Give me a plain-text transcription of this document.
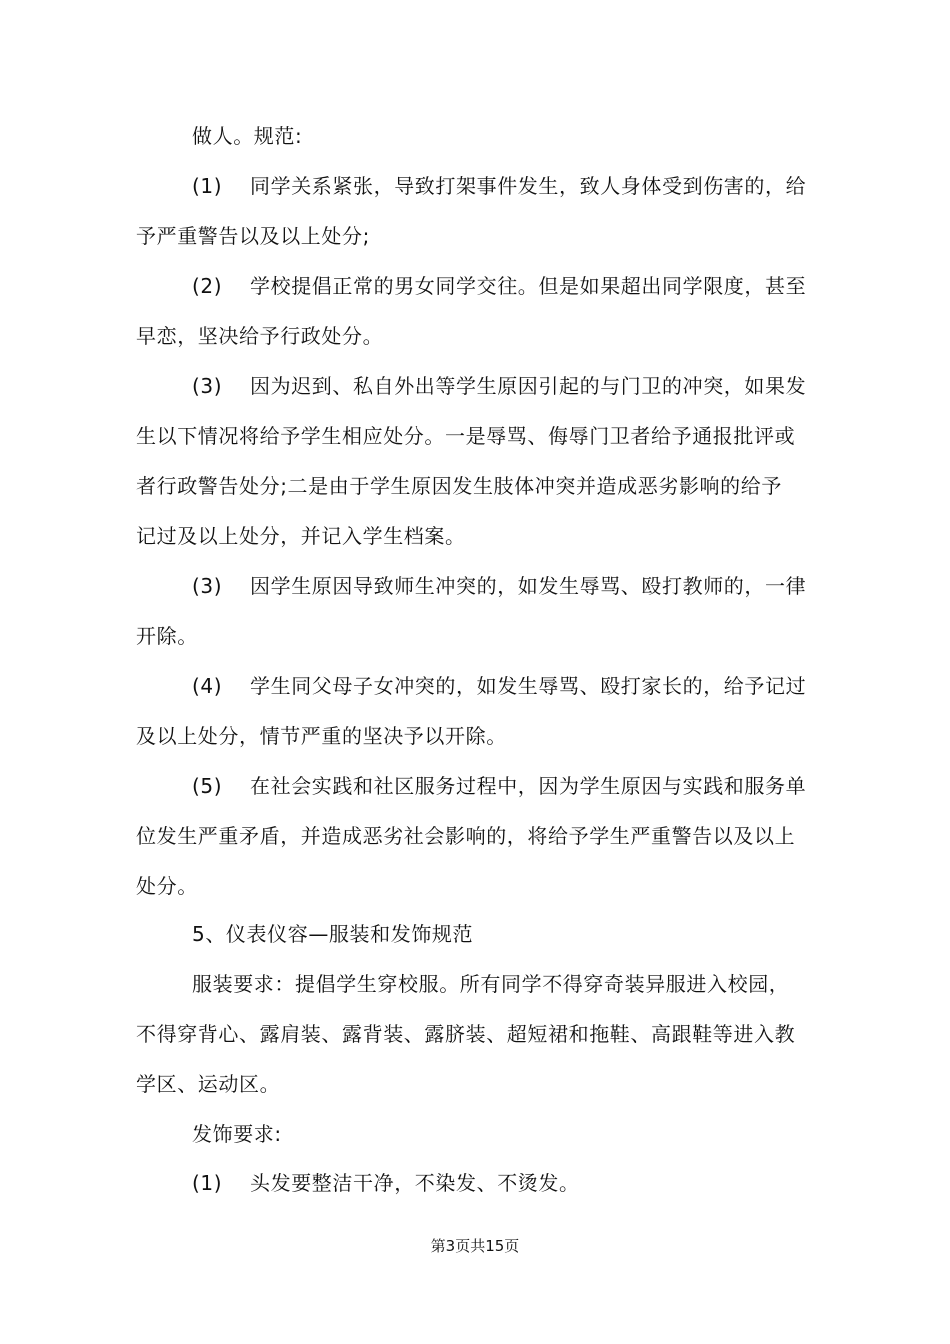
做人。规范:
(1) 同学关系紧张，导致打架事件发生，致人身体受到伤害的，给
予严重警告以及以上处分;
(2) 学校提倡正常的男女同学交往。但是如果超出同学限度，甚至
早恋，坚决给予行政处分。
(3) 因为迟到、私自外出等学生原因引起的与门卫的冲突，如果发
生以下情况将给予学生相应处分。一是辱骂、侮辱门卫者给予通报批评或
者行政警告处分;二是由于学生原因发生肢体冲突并造成恶劣影响的给予
记过及以上处分，并记入学生档案。
(3) 因学生原因导致师生冲突的，如发生辱骂、殴打教师的，一律
开除。
(4) 学生同父母子女冲突的，如发生辱骂、殴打家长的，给予记过
及以上处分，情节严重的坚决予以开除。
(5) 在社会实践和社区服务过程中，因为学生原因与实践和服务单
位发生严重矛盾，并造成恶劣社会影响的，将给予学生严重警告以及以上
处分。
5、仪表仪容—服装和发饰规范
服装要求：提倡学生穿校服。所有同学不得穿奇装异服进入校园，
不得穿背心、露肩装、露背装、露脐装、超短裙和拖鞋、高跟鞋等进入教
学区、运动区。
发饰要求:
(1) 头发要整洁干净，不染发、不烫发。
第3页共15页
